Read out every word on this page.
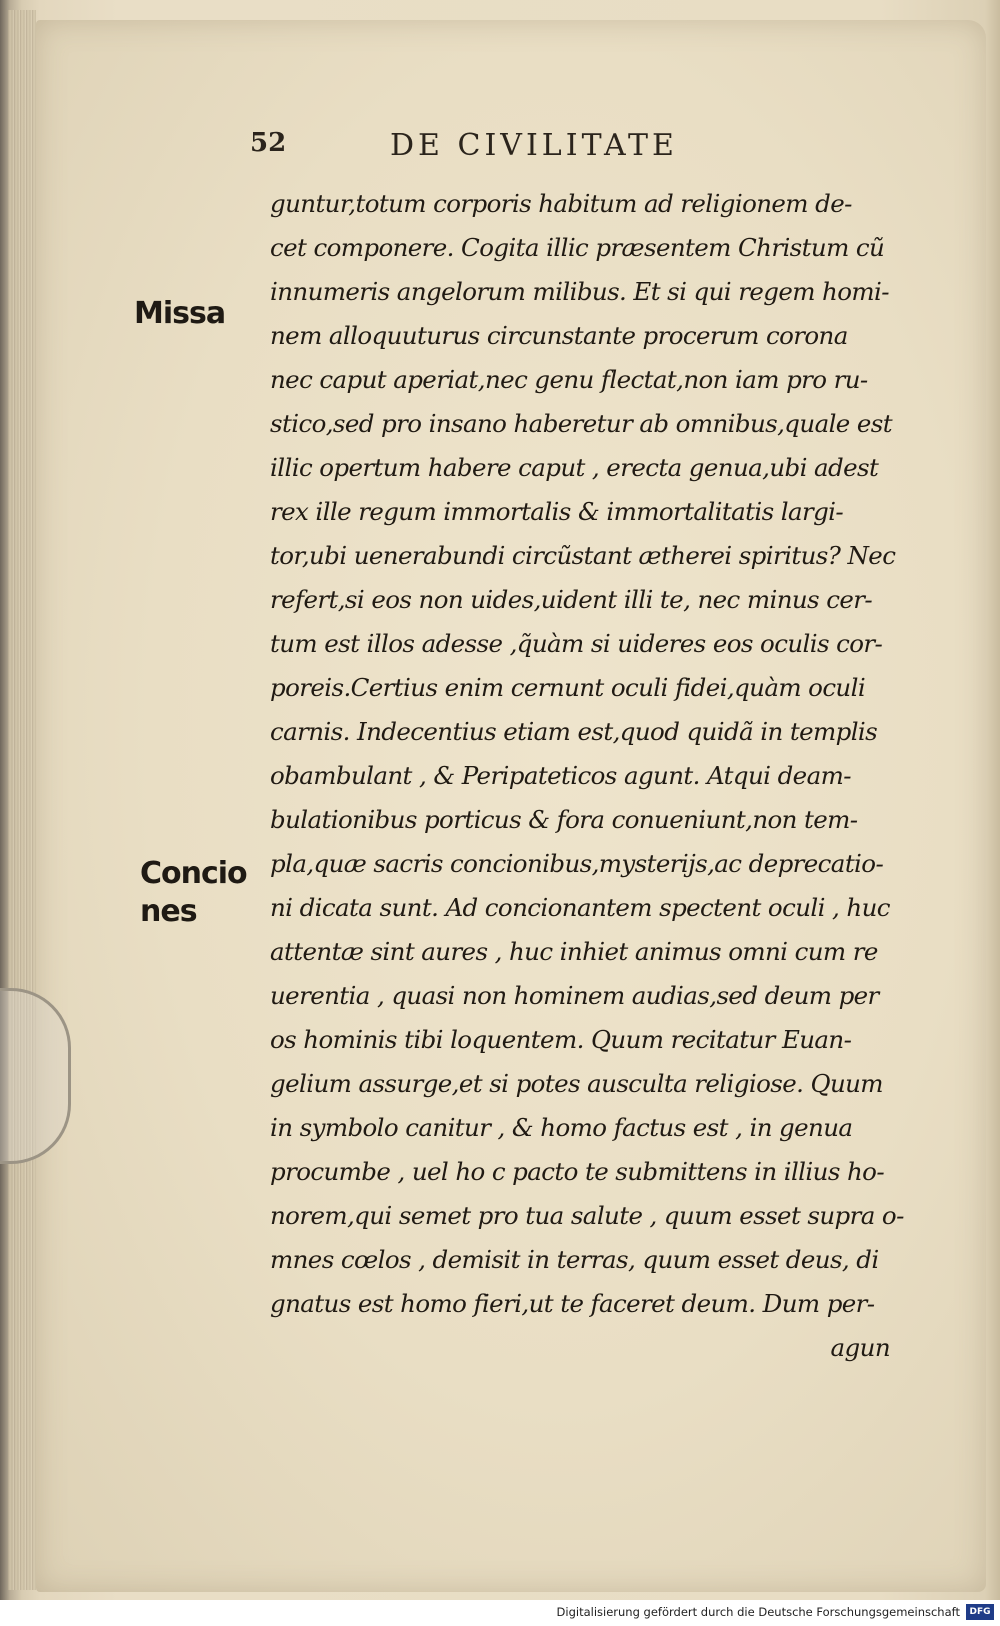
52	DE CIVILITATE
Missa
Concio
nes
guntur,totum corporis habitum ad religionem de-
cet componere. Cogita illic præsentem Christum cũ
innumeris angelorum milibus. Et si qui regem homi-
nem alloquuturus circunstante procerum corona
nec caput aperiat,nec genu flectat,non iam pro ru-
stico,sed pro insano haberetur ab omnibus,quale est
illic opertum habere caput , erecta genua,ubi adest
rex ille regum immortalis & immortalitatis largi-
tor,ubi uenerabundi circũstant ætherei spiritus? Nec
refert,si eos non uides,uident illi te, nec minus cer-
tum est illos adesse ,q̃uàm si uideres eos oculis cor-
poreis.Certius enim cernunt oculi fidei,quàm oculi
carnis. Indecentius etiam est,quod quidã in templis
obambulant , & Peripateticos agunt. Atqui deam-
bulationibus porticus & fora conueniunt,non tem-
pla,quæ sacris concionibus,mysterijs,ac deprecatio-
ni dicata sunt. Ad concionantem spectent oculi , huc
attentæ sint aures , huc inhiet animus omni cum re
uerentia , quasi non hominem audias,sed deum per
os hominis tibi loquentem. Quum recitatur Euan-
gelium assurge,et si potes ausculta religiose. Quum
in symbolo canitur , & homo factus est , in genua
procumbe , uel ho c pacto te submittens in illius ho-
norem,qui semet pro tua salute , quum esset supra o-
mnes cœlos , demisit in terras, quum esset deus, di
gnatus est homo fieri,ut te faceret deum. Dum per-
agun
Digitalisierung gefördert durch die Deutsche Forschungsgemeinschaft	DFG
